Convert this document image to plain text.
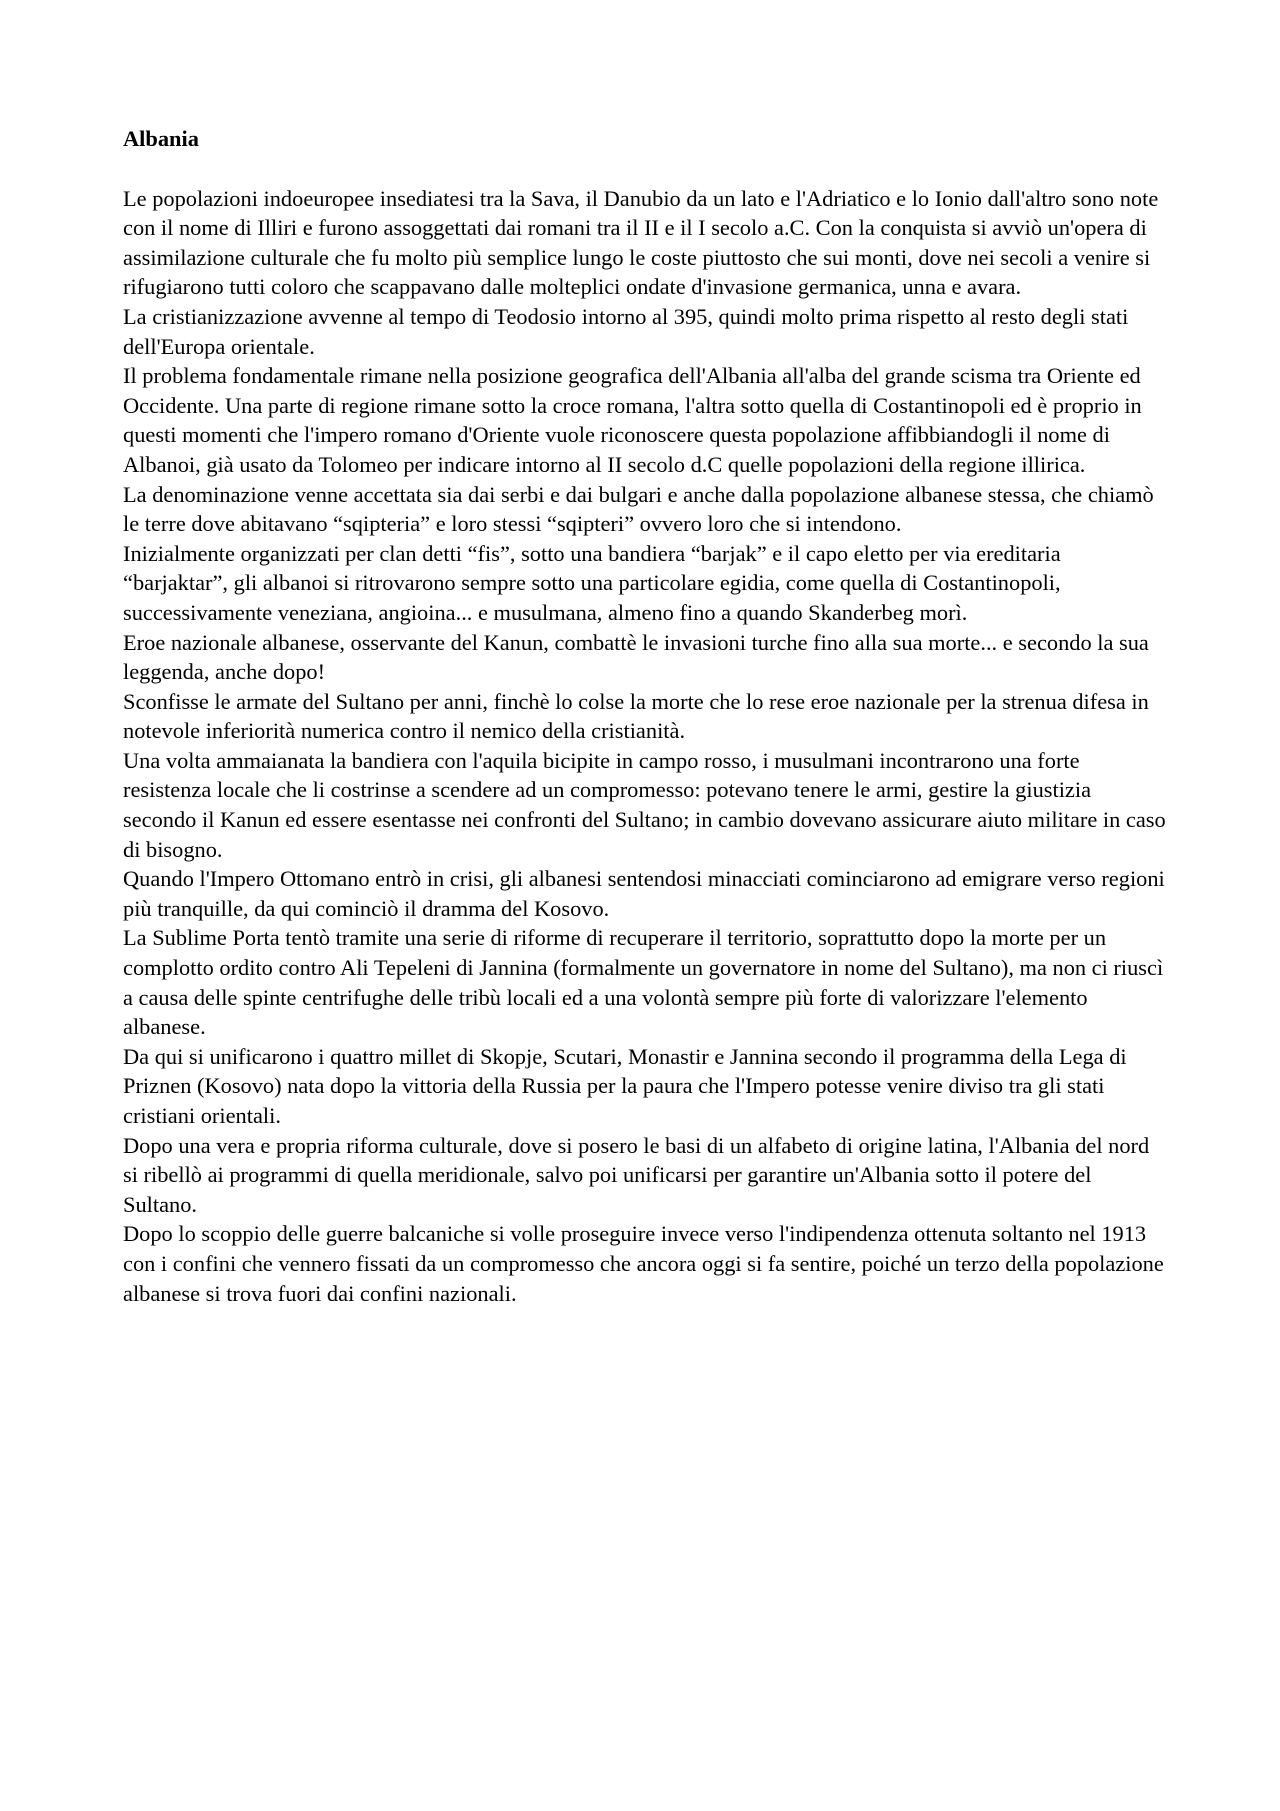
Albania

Le popolazioni indoeuropee insediatesi tra la Sava, il Danubio da un lato e l'Adriatico e lo Ionio dall'altro sono note con il nome di Illiri e furono assoggettati dai romani tra il II e il I secolo a.C. Con la conquista si avviò un'opera di assimilazione culturale che fu molto più semplice lungo le coste piuttosto che sui monti, dove nei secoli a venire si rifugiarono tutti coloro che scappavano dalle molteplici ondate d'invasione germanica, unna e avara.

La cristianizzazione avvenne al tempo di Teodosio intorno al 395, quindi molto prima rispetto al resto degli stati dell'Europa orientale.

Il problema fondamentale rimane nella posizione geografica dell'Albania all'alba del grande scisma tra Oriente ed Occidente. Una parte di regione rimane sotto la croce romana, l'altra sotto quella di Costantinopoli ed è proprio in questi momenti che l'impero romano d'Oriente vuole riconoscere questa popolazione affibbiandogli il nome di Albanoi, già usato da Tolomeo per indicare intorno al II secolo d.C quelle popolazioni della regione illirica.

La denominazione venne accettata sia dai serbi e dai bulgari e anche dalla popolazione albanese stessa, che chiamò le terre dove abitavano “sqipteria” e loro stessi “sqipteri” ovvero loro che si intendono.

Inizialmente organizzati per clan detti “fis”, sotto una bandiera “barjak” e il capo eletto per via ereditaria “barjaktar”, gli albanoi si ritrovarono sempre sotto una particolare egidia, come quella di Costantinopoli, successivamente veneziana, angioina... e musulmana, almeno fino a quando Skanderbeg morì.

Eroe nazionale albanese, osservante del Kanun, combattè le invasioni turche fino alla sua morte... e secondo la sua leggenda, anche dopo!

Sconfisse le armate del Sultano per anni, finchè lo colse la morte che lo rese eroe nazionale per la strenua difesa in notevole inferiorità numerica contro il nemico della cristianità.

Una volta ammaianata la bandiera con l'aquila bicipite in campo rosso, i musulmani incontrarono una forte resistenza locale che li costrinse a scendere ad un compromesso: potevano tenere le armi, gestire la giustizia secondo il Kanun ed essere esentasse nei confronti del Sultano; in cambio dovevano assicurare aiuto militare in caso di bisogno.

Quando l'Impero Ottomano entrò in crisi, gli albanesi sentendosi minacciati cominciarono ad emigrare verso regioni più tranquille, da qui cominciò il dramma del Kosovo.

La Sublime Porta tentò tramite una serie di riforme di recuperare il territorio, soprattutto dopo la morte per un complotto ordito contro Ali Tepeleni di Jannina (formalmente un governatore in nome del Sultano), ma non ci riuscì a causa delle spinte centrifughe delle tribù locali ed a una volontà sempre più forte di valorizzare l'elemento albanese.

Da qui si unificarono i quattro millet di Skopje, Scutari, Monastir e Jannina secondo il programma della Lega di Priznen (Kosovo) nata dopo la vittoria della Russia per la paura che l'Impero potesse venire diviso tra gli stati cristiani orientali.

Dopo una vera e propria riforma culturale, dove si posero le basi di un alfabeto di origine latina, l'Albania del nord si ribellò ai programmi di quella meridionale, salvo poi unificarsi per garantire un'Albania sotto il potere del Sultano.

Dopo lo scoppio delle guerre balcaniche si volle proseguire invece verso l'indipendenza ottenuta soltanto nel 1913 con i confini che vennero fissati da un compromesso che ancora oggi si fa sentire, poiché un terzo della popolazione albanese si trova fuori dai confini nazionali.
